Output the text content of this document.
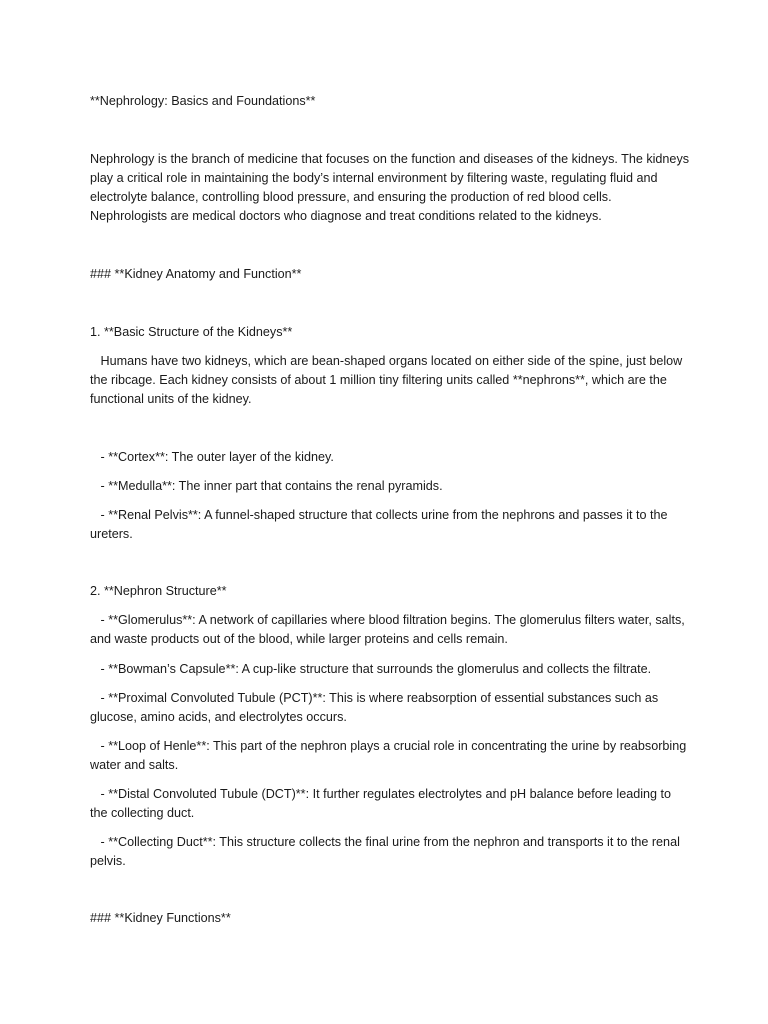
**Nephrology: Basics and Foundations**

Nephrology is the branch of medicine that focuses on the function and diseases of the kidneys. The kidneys play a critical role in maintaining the body’s internal environment by filtering waste, regulating fluid and electrolyte balance, controlling blood pressure, and ensuring the production of red blood cells. Nephrologists are medical doctors who diagnose and treat conditions related to the kidneys.

### **Kidney Anatomy and Function**

1. **Basic Structure of the Kidneys**

Humans have two kidneys, which are bean-shaped organs located on either side of the spine, just below the ribcage. Each kidney consists of about 1 million tiny filtering units called **nephrons**, which are the functional units of the kidney.

- **Cortex**: The outer layer of the kidney.

- **Medulla**: The inner part that contains the renal pyramids.

- **Renal Pelvis**: A funnel-shaped structure that collects urine from the nephrons and passes it to the ureters.

2. **Nephron Structure**

- **Glomerulus**: A network of capillaries where blood filtration begins. The glomerulus filters water, salts, and waste products out of the blood, while larger proteins and cells remain.

- **Bowman’s Capsule**: A cup-like structure that surrounds the glomerulus and collects the filtrate.

- **Proximal Convoluted Tubule (PCT)**: This is where reabsorption of essential substances such as glucose, amino acids, and electrolytes occurs.

- **Loop of Henle**: This part of the nephron plays a crucial role in concentrating the urine by reabsorbing water and salts.

- **Distal Convoluted Tubule (DCT)**: It further regulates electrolytes and pH balance before leading to the collecting duct.

- **Collecting Duct**: This structure collects the final urine from the nephron and transports it to the renal pelvis.

### **Kidney Functions**
